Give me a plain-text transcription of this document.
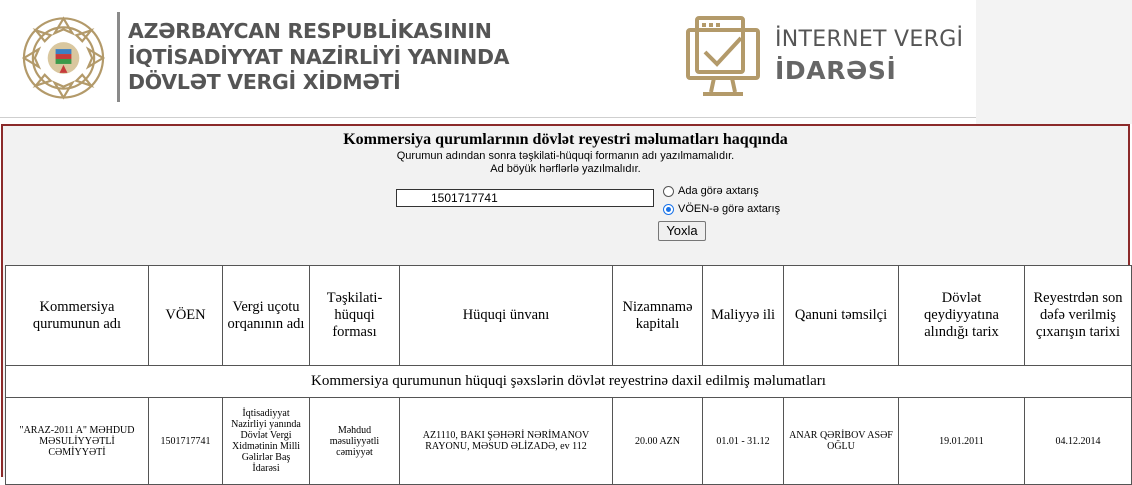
AZƏRBAYCAN RESPUBLİKASININ
İQTİSADİYYAT NAZİRLİYİ YANINDA
DÖVLƏT VERGİ XİDMƏTİ
İNTERNET VERGİ
İDARƏSİ
Kommersiya qurumlarının dövlət reyestri məlumatları haqqında
Qurumun adından sonra təşkilati-hüquqi formanın adı yazılmamalıdır.
Ad böyük hərflərlə yazılmalıdır.
1501717741	Ada görə axtarış
VÖEN-ə görə axtarış
Yoxla
Kommersiya qurumunun hüquqi şəxslərin dövlət reyestrinə daxil edilmiş məlumatları									
Kommersiya qurumunun adı	VÖEN	Vergi uçotu orqanının adı	Təşkilati-hüquqi forması	Hüquqi ünvanı	Nizamnamə kapitalı	Maliyyə ili	Qanuni təmsilçi	Dövlət qeydiyyatına alındığı tarix	Reyestrdən son dəfə verilmiş çıxarışın tarixi
"ARAZ-2011 A" MƏHDUD MƏSULİYYƏTLİ CƏMİYYƏTİ	1501717741	İqtisadiyyat Nazirliyi yanında Dövlət Vergi Xidmətinin Milli Gəlirlər Baş İdarəsi	Məhdud məsuliyyətli cəmiyyət	AZ1110, BAKI ŞƏHƏRİ NƏRİMANOV RAYONU, MƏSUD ƏLİZADƏ, ev 112	20.00 AZN	01.01 - 31.12	ANAR QƏRİBOV ASƏF OĞLU	19.01.2011	04.12.2014
